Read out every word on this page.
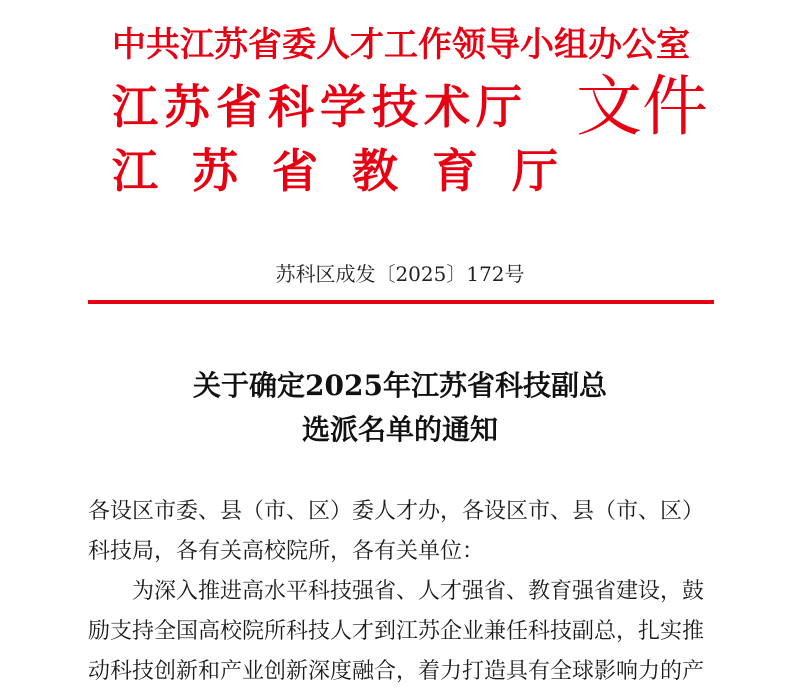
中共江苏省委人才工作领导小组办公室

江苏省科学技术厅

江苏省教育厅

文件

苏科区成发〔2025〕172号

关于确定2025年江苏省科技副总
选派名单的通知

各设区市委、县（市、区）委人才办，各设区市、县（市、区）

科技局，各有关高校院所，各有关单位：

为深入推进高水平科技强省、人才强省、教育强省建设，鼓

励支持全国高校院所科技人才到江苏企业兼任科技副总，扎实推

动科技创新和产业创新深度融合，着力打造具有全球影响力的产
